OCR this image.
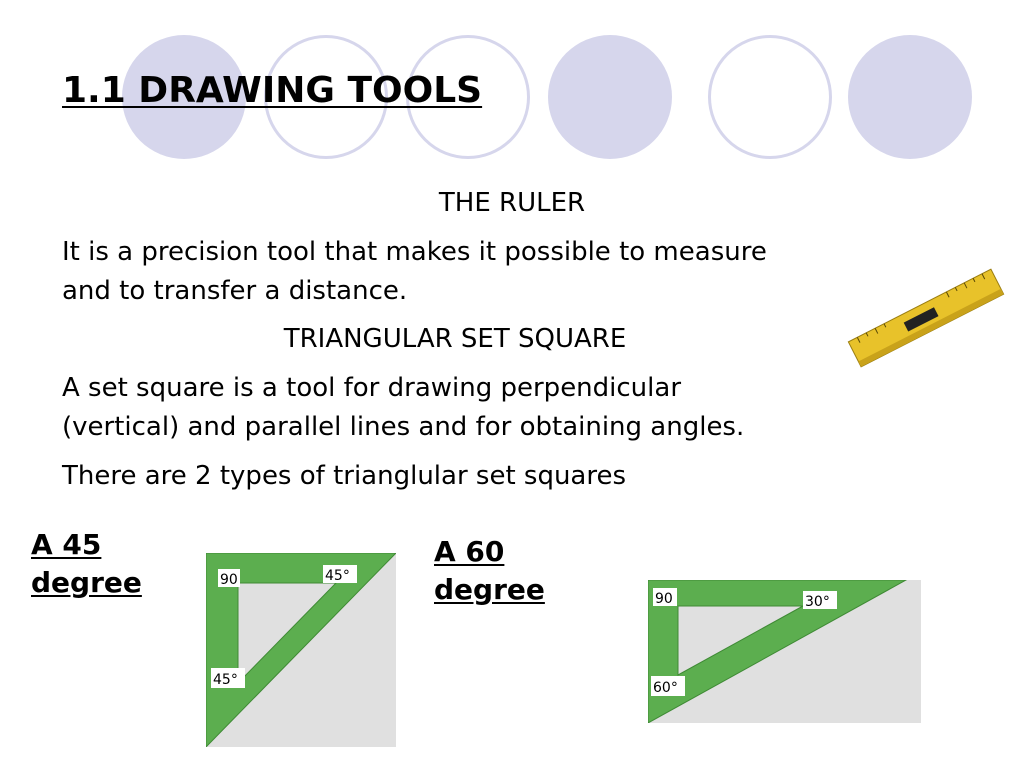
1.1 DRAWING TOOLS
THE RULER
It is a precision tool that makes it possible to measure
and to transfer a distance.
TRIANGULAR SET SQUARE
A set square is a tool for drawing perpendicular
(vertical) and parallel lines and for obtaining angles.
There are 2 types of trianglular set squares
A 45
degree	90	45°
45°
A 60
degree	90	30°
60°
